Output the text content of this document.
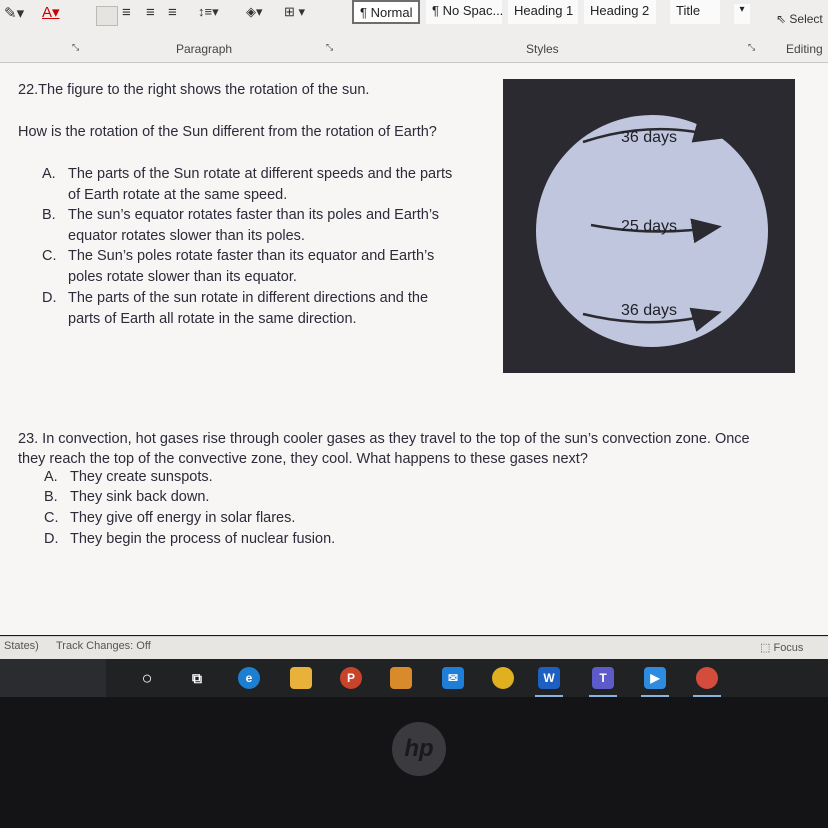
✎▾ A▾	≡ ≡ ≡ ↕≡▾ ◈▾ ⊞ ▾	¶ Normal	¶ No Spac... Heading 1	Heading 2	Title	▾
⇖ Select
⤡	Paragraph	⤡	Styles	⤡	Editing
22.The figure to the right shows the rotation of the sun.
How is the rotation of the Sun different from the rotation of Earth?
A. The parts of the Sun rotate at different speeds and the parts
of Earth rotate at the same speed.
B. The sun’s equator rotates faster than its poles and Earth’s
equator rotates slower than its poles.
C. The Sun’s poles rotate faster than its equator and Earth’s
poles rotate slower than its equator.
D. The parts of the sun rotate in different directions and the
parts of Earth all rotate in the same direction.
36 days
25 days
36 days
23. In convection, hot gases rise through cooler gases as they travel to the top of the sun’s convection zone. Once
they reach the top of the convective zone, they cool. What happens to these gases next?
A. They create sunspots.
B. They sink back down.
C. They give off energy in solar flares.
D. They begin the process of nuclear fusion.
States) Track Changes: Off	⬚ Focus
○	⧉	e	P	✉	W	T	▶
hp
